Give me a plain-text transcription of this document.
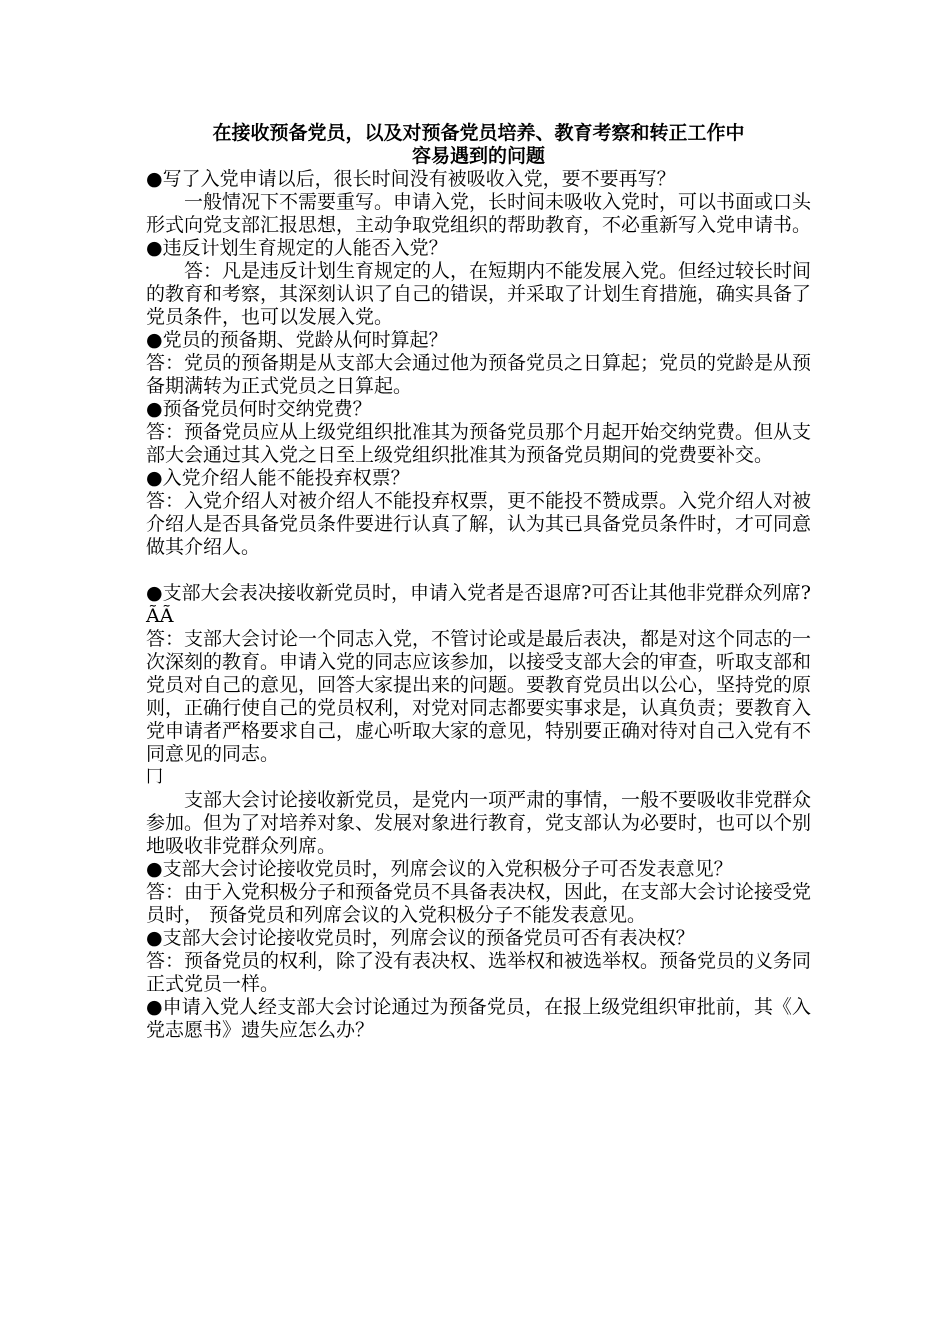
在接收预备党员，以及对预备党员培养、教育考察和转正工作中
容易遇到的问题

●写了入党申请以后，很长时间没有被吸收入党，要不要再写？

一般情况下不需要重写。申请入党，长时间未吸收入党时，可以书面或口头形式向党支部汇报思想，主动争取党组织的帮助教育，不必重新写入党申请书。

●违反计划生育规定的人能否入党？

答：凡是违反计划生育规定的人，在短期内不能发展入党。但经过较长时间的教育和考察，其深刻认识了自己的错误，并采取了计划生育措施，确实具备了党员条件，也可以发展入党。

●党员的预备期、党龄从何时算起？

答：党员的预备期是从支部大会通过他为预备党员之日算起；党员的党龄是从预备期满转为正式党员之日算起。

●预备党员何时交纳党费？

答：预备党员应从上级党组织批准其为预备党员那个月起开始交纳党费。但从支部大会通过其入党之日至上级党组织批准其为预备党员期间的党费要补交。

●入党介绍人能不能投弃权票？

答：入党介绍人对被介绍人不能投弃权票，更不能投不赞成票。入党介绍人对被介绍人是否具备党员条件要进行认真了解，认为其已具备党员条件时，才可同意做其介绍人。

●支部大会表决接收新党员时，申请入党者是否退席?可否让其他非党群众列席?ÃÃ

答：支部大会讨论一个同志入党，不管讨论或是最后表决，都是对这个同志的一次深刻的教育。申请入党的同志应该参加，以接受支部大会的审查，听取支部和党员对自己的意见，回答大家提出来的问题。要教育党员出以公心，坚持党的原则，正确行使自己的党员权利，对党对同志都要实事求是，认真负责；要教育入党申请者严格要求自己，虚心听取大家的意见，特别要正确对待对自己入党有不同意见的同志。

冂

支部大会讨论接收新党员，是党内一项严肃的事情，一般不要吸收非党群众参加。但为了对培养对象、发展对象进行教育，党支部认为必要时，也可以个别地吸收非党群众列席。

●支部大会讨论接收党员时，列席会议的入党积极分子可否发表意见？

答：由于入党积极分子和预备党员不具备表决权，因此，在支部大会讨论接受党员时， 预备党员和列席会议的入党积极分子不能发表意见。

●支部大会讨论接收党员时，列席会议的预备党员可否有表决权？

答：预备党员的权利，除了没有表决权、选举权和被选举权。预备党员的义务同正式党员一样。

●申请入党人经支部大会讨论通过为预备党员，在报上级党组织审批前，其《入党志愿书》遗失应怎么办？
